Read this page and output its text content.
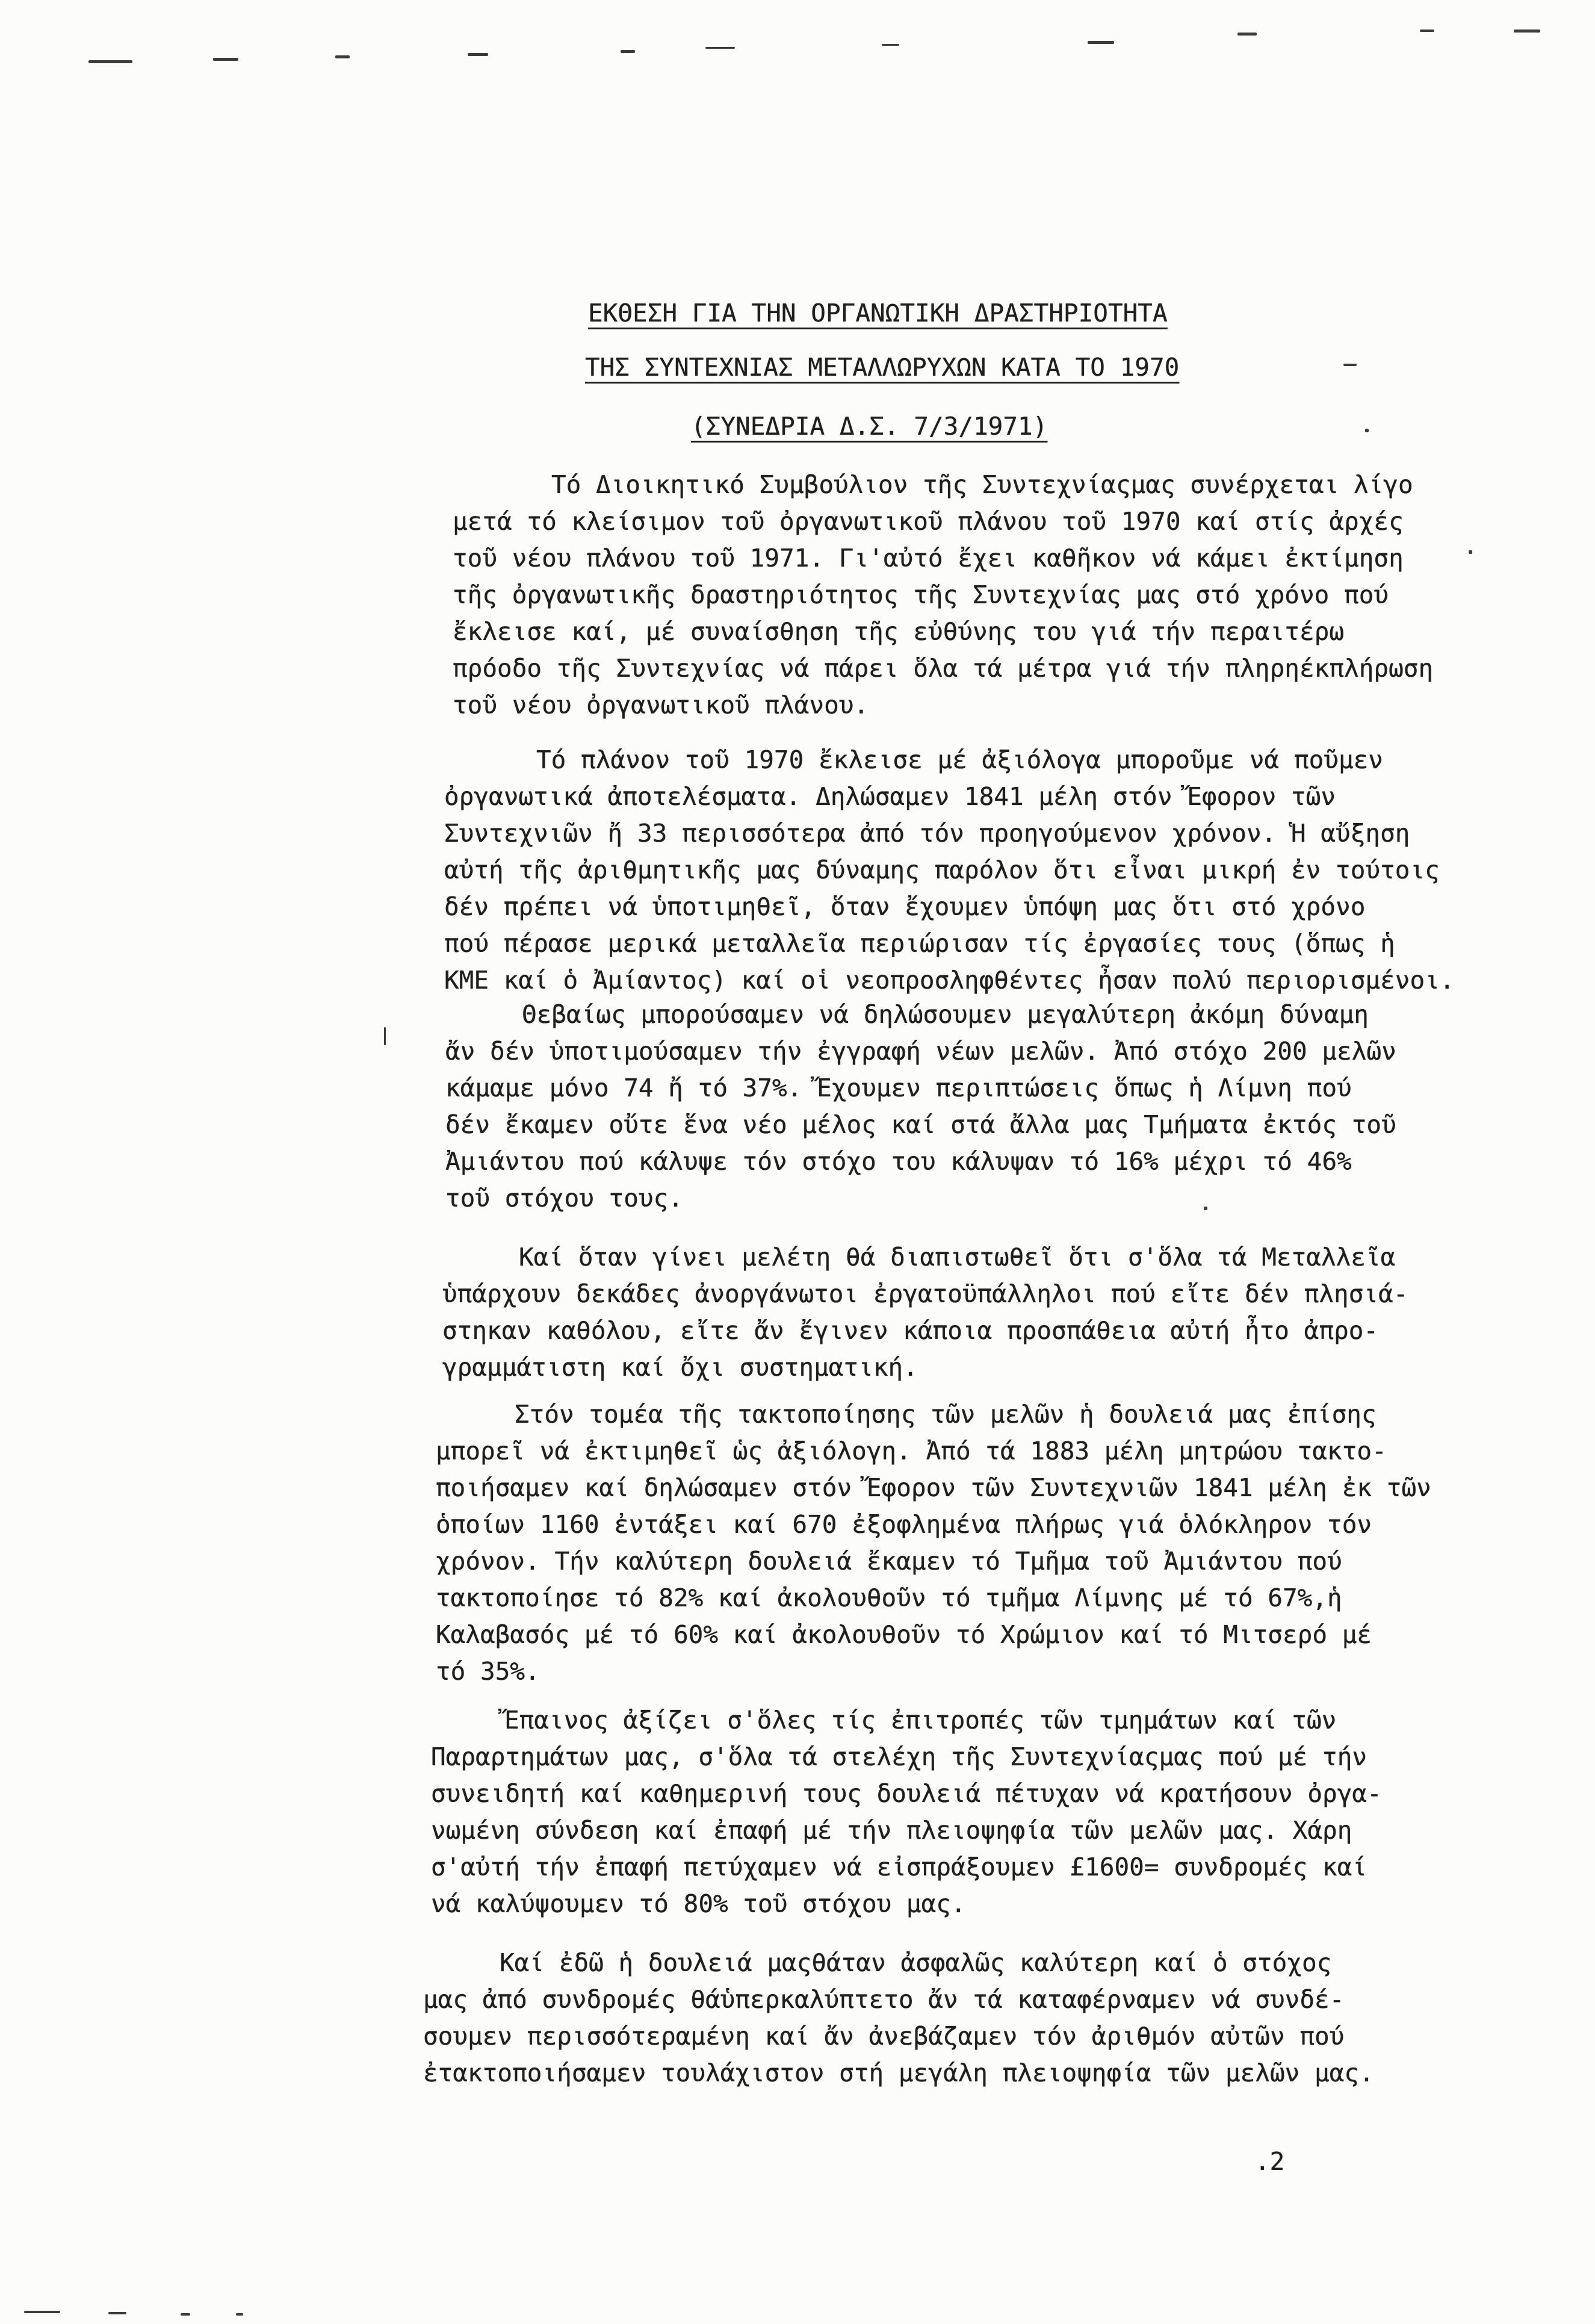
ΕΚΘΕΣΗ ΓΙΑ ΤΗΝ ΟΡΓΑΝΩΤΙΚΗ ΔΡΑΣΤΗΡΙΟΤΗΤΑ
ΤΗΣ ΣΥΝΤΕΧΝΙΑΣ ΜΕΤΑΛΛΩΡΥΧΩΝ ΚΑΤΑ ΤΟ 1970
(ΣΥΝΕΔΡΙΑ Δ.Σ. 7/3/1971)
Τό Διοικητικό Συμβούλιον τῆς Συντεχνίαςμας συνέρχεται λίγο
μετά τό κλείσιμον τοῦ ὀργανωτικοῦ πλάνου τοῦ 1970 καί στίς ἀρχές
τοῦ νέου πλάνου τοῦ 1971. Γι'αὐτό ἔχει καθῆκον νά κάμει ἐκτίμηση
τῆς ὀργανωτικῆς δραστηριότητος τῆς Συντεχνίας μας στό χρόνο πού
ἔκλεισε καί, μέ συναίσθηση τῆς εὐθύνης του γιά τήν περαιτέρω
πρόοδο τῆς Συντεχνίας νά πάρει ὅλα τά μέτρα γιά τήν πληρηέκπλήρωση
τοῦ νέου ὀργανωτικοῦ πλάνου.
Τό πλάνον τοῦ 1970 ἔκλεισε μέ ἀξιόλογα μποροῦμε νά ποῦμεν
ὀργανωτικά ἀποτελέσματα. Δηλώσαμεν 1841 μέλη στόν Ἔφορον τῶν
Συντεχνιῶν ἤ 33 περισσότερα ἀπό τόν προηγούμενον χρόνον. Ἡ αὔξηση
αὐτή τῆς ἀριθμητικῆς μας δύναμης παρόλον ὅτι εἶναι μικρή ἐν τούτοις
δέν πρέπει νά ὑποτιμηθεῖ, ὅταν ἔχουμεν ὑπόψη μας ὅτι στό χρόνο
πού πέρασε μερικά μεταλλεῖα περιώρισαν τίς ἐργασίες τους (ὅπως ἡ
ΚΜΕ καί ὁ Ἀμίαντος) καί οἱ νεοπροσληφθέντες ἦσαν πολύ περιορισμένοι.
Θεβαίως μπορούσαμεν νά δηλώσουμεν μεγαλύτερη ἀκόμη δύναμη
ἄν δέν ὑποτιμούσαμεν τήν ἐγγραφή νέων μελῶν. Ἀπό στόχο 200 μελῶν
κάμαμε μόνο 74 ἤ τό 37%. Ἔχουμεν περιπτώσεις ὅπως ἡ Λίμνη πού
δέν ἔκαμεν οὔτε ἕνα νέο μέλος καί στά ἄλλα μας Τμήματα ἐκτός τοῦ
Ἀμιάντου πού κάλυψε τόν στόχο του κάλυψαν τό 16% μέχρι τό 46%
τοῦ στόχου τους.
Καί ὅταν γίνει μελέτη θά διαπιστωθεῖ ὅτι σ'ὅλα τά Μεταλλεῖα
ὑπάρχουν δεκάδες ἀνοργάνωτοι ἐργατοϋπάλληλοι πού εἴτε δέν πλησιά-
στηκαν καθόλου, εἴτε ἄν ἔγινεν κάποια προσπάθεια αὐτή ἦτο ἀπρο-
γραμμάτιστη καί ὄχι συστηματική.
Στόν τομέα τῆς τακτοποίησης τῶν μελῶν ἡ δουλειά μας ἐπίσης
μπορεῖ νά ἐκτιμηθεῖ ὡς ἀξιόλογη. Ἀπό τά 1883 μέλη μητρώου τακτο-
ποιήσαμεν καί δηλώσαμεν στόν Ἔφορον τῶν Συντεχνιῶν 1841 μέλη ἐκ τῶν
ὁποίων 1160 ἐντάξει καί 670 ἐξοφλημένα πλήρως γιά ὁλόκληρον τόν
χρόνον. Τήν καλύτερη δουλειά ἔκαμεν τό Τμῆμα τοῦ Ἀμιάντου πού
τακτοποίησε τό 82% καί ἀκολουθοῦν τό τμῆμα Λίμνης μέ τό 67%,ἡ
Καλαβασός μέ τό 60% καί ἀκολουθοῦν τό Χρώμιον καί τό Μιτσερό μέ
τό 35%.
Ἔπαινος ἀξίζει σ'ὅλες τίς ἐπιτροπές τῶν τμημάτων καί τῶν
Παραρτημάτων μας, σ'ὅλα τά στελέχη τῆς Συντεχνίαςμας πού μέ τήν
συνειδητή καί καθημερινή τους δουλειά πέτυχαν νά κρατήσουν ὀργα-
νωμένη σύνδεση καί ἐπαφή μέ τήν πλειοψηφία τῶν μελῶν μας. Χάρη
σ'αὐτή τήν ἐπαφή πετύχαμεν νά εἰσπράξουμεν £1600= συνδρομές καί
νά καλύψουμεν τό 80% τοῦ στόχου μας.
Καί ἐδῶ ἡ δουλειά μαςθάταν ἀσφαλῶς καλύτερη καί ὁ στόχος
μας ἀπό συνδρομές θάὑπερκαλύπτετο ἄν τά καταφέρναμεν νά συνδέ-
σουμεν περισσότεραμένη καί ἄν ἀνεβάζαμεν τόν ἀριθμόν αὐτῶν πού
ἐτακτοποιήσαμεν τουλάχιστον στή μεγάλη πλειοψηφία τῶν μελῶν μας.
.2
